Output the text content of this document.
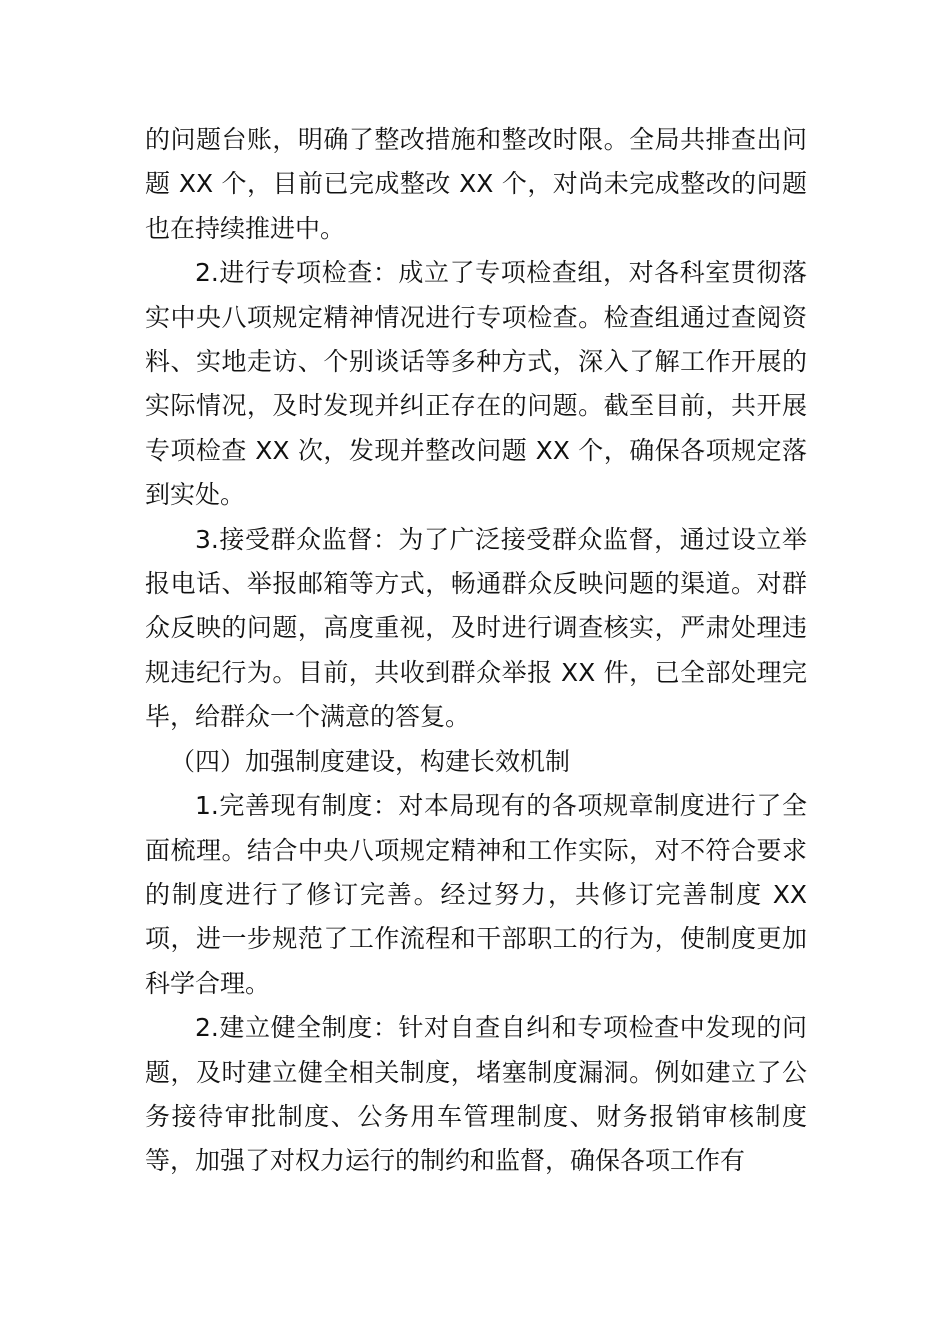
的问题台账，明确了整改措施和整改时限。全局共排查出问题 XX 个，目前已完成整改 XX 个，对尚未完成整改的问题也在持续推进中。

2.进行专项检查：成立了专项检查组，对各科室贯彻落实中央八项规定精神情况进行专项检查。检查组通过查阅资料、实地走访、个别谈话等多种方式，深入了解工作开展的实际情况，及时发现并纠正存在的问题。截至目前，共开展专项检查 XX 次，发现并整改问题 XX 个，确保各项规定落到实处。

3.接受群众监督：为了广泛接受群众监督，通过设立举报电话、举报邮箱等方式，畅通群众反映问题的渠道。对群众反映的问题，高度重视，及时进行调查核实，严肃处理违规违纪行为。目前，共收到群众举报 XX 件，已全部处理完毕，给群众一个满意的答复。

（四）加强制度建设，构建长效机制

1.完善现有制度：对本局现有的各项规章制度进行了全面梳理。结合中央八项规定精神和工作实际，对不符合要求的制度进行了修订完善。经过努力，共修订完善制度 XX 项，进一步规范了工作流程和干部职工的行为，使制度更加科学合理。

2.建立健全制度：针对自查自纠和专项检查中发现的问题，及时建立健全相关制度，堵塞制度漏洞。例如建立了公务接待审批制度、公务用车管理制度、财务报销审核制度等，加强了对权力运行的制约和监督，确保各项工作有
